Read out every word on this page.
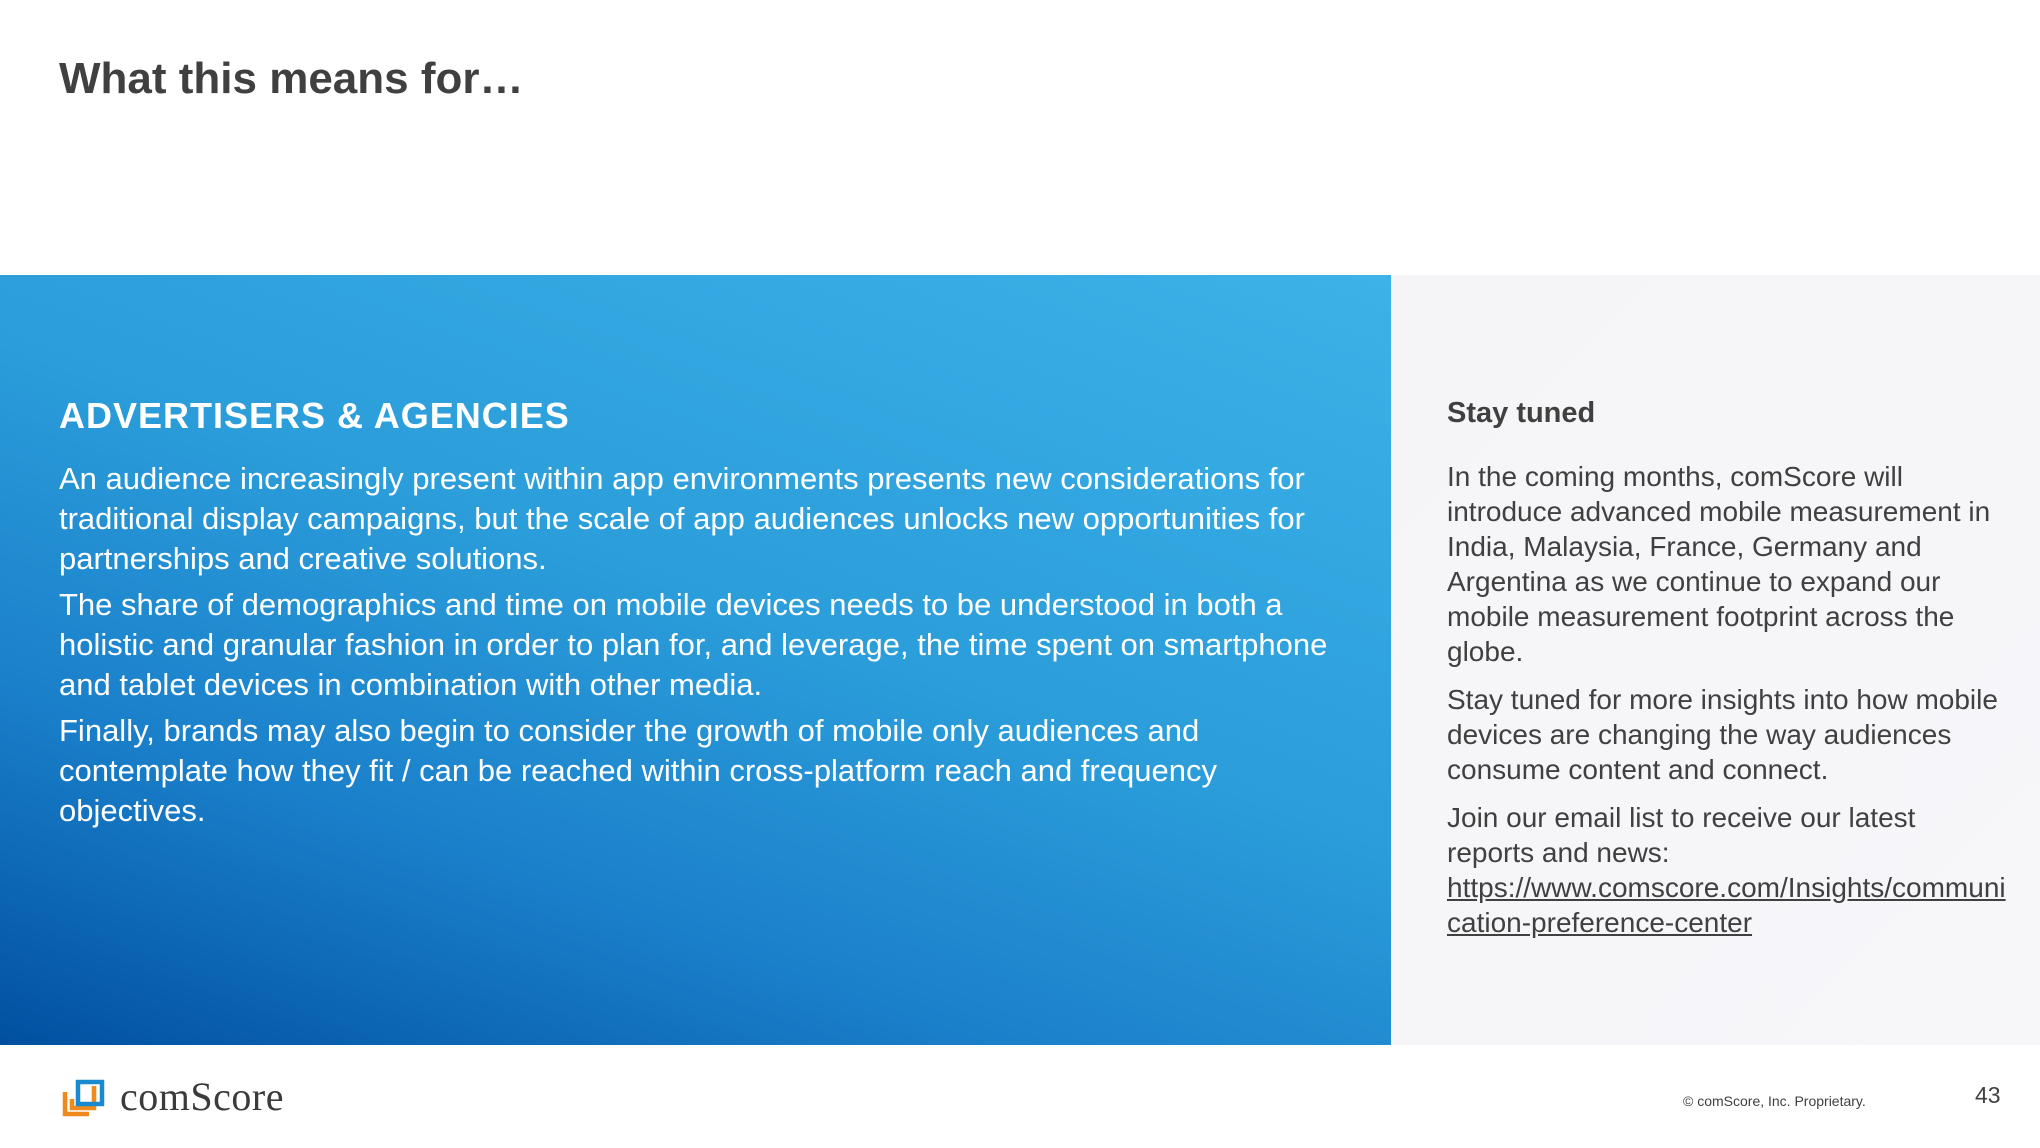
What this means for…
ADVERTISERS & AGENCIES

An audience increasingly present within app environments presents new considerations for traditional display campaigns, but the scale of app audiences unlocks new opportunities for partnerships and creative solutions.

The share of demographics and time on mobile devices needs to be understood in both a holistic and granular fashion in order to plan for, and leverage, the time spent on smartphone and tablet devices in combination with other media.

Finally, brands may also begin to consider the growth of mobile only audiences and contemplate how they fit / can be reached within cross-platform reach and frequency objectives.

Stay tuned

In the coming months, comScore will introduce advanced mobile measurement in India, Malaysia, France, Germany and Argentina as we continue to expand our mobile measurement footprint across the globe.

Stay tuned for more insights into how mobile devices are changing the way audiences consume content and connect.

Join our email list to receive our latest reports and news:
https://www.comscore.com/Insights/communication-preference-center

comScore	© comScore, Inc. Proprietary.	43
